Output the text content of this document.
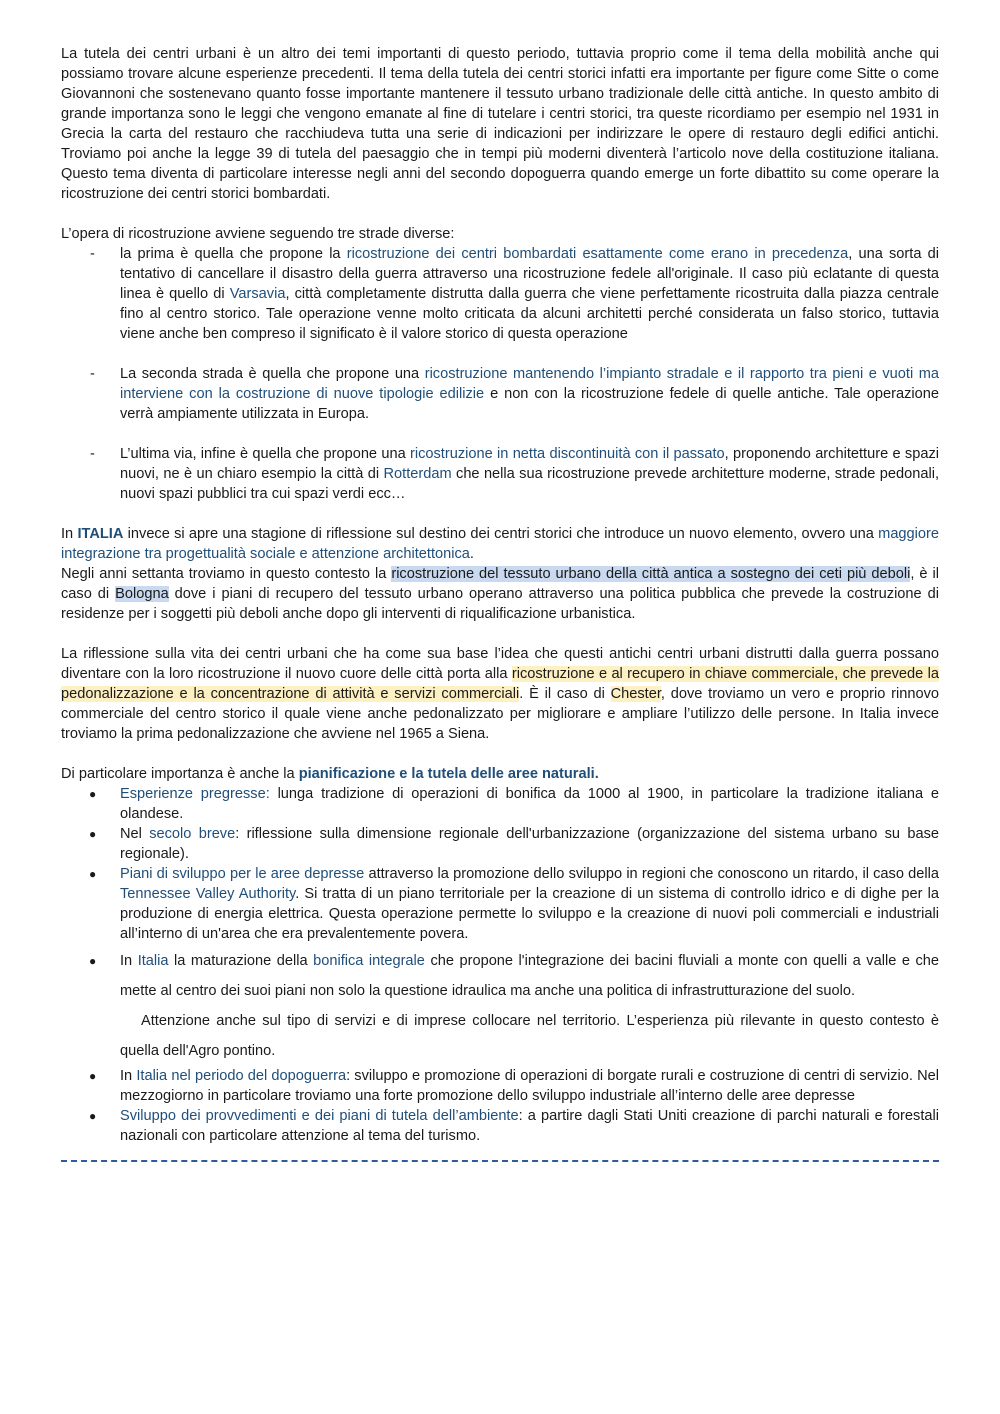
La tutela dei centri urbani è un altro dei temi importanti di questo periodo, tuttavia proprio come il tema della mobilità anche qui possiamo trovare alcune esperienze precedenti. Il tema della tutela dei centri storici infatti era importante per figure come Sitte o come Giovannoni che sostenevano quanto fosse importante mantenere il tessuto urbano tradizionale delle città antiche. In questo ambito di grande importanza sono le leggi che vengono emanate al fine di tutelare i centri storici, tra queste ricordiamo per esempio nel 1931 in Grecia la carta del restauro che racchiudeva tutta una serie di indicazioni per indirizzare le opere di restauro degli edifici antichi. Troviamo poi anche la legge 39 di tutela del paesaggio che in tempi più moderni diventerà l’articolo nove della costituzione italiana. Questo tema diventa di particolare interesse negli anni del secondo dopoguerra quando emerge un forte dibattito su come operare la ricostruzione dei centri storici bombardati.

L’opera di ricostruzione avviene seguendo tre strade diverse:

- la prima è quella che propone la ricostruzione dei centri bombardati esattamente come erano in precedenza, una sorta di tentativo di cancellare il disastro della guerra attraverso una ricostruzione fedele all'originale. Il caso più eclatante di questa linea è quello di Varsavia, città completamente distrutta dalla guerra che viene perfettamente ricostruita dalla piazza centrale fino al centro storico. Tale operazione venne molto criticata da alcuni architetti perché considerata un falso storico, tuttavia viene anche ben compreso il significato è il valore storico di questa operazione
- La seconda strada è quella che propone una ricostruzione mantenendo l’impianto stradale e il rapporto tra pieni e vuoti ma interviene con la costruzione di nuove tipologie edilizie e non con la ricostruzione fedele di quelle antiche. Tale operazione verrà ampiamente utilizzata in Europa.
- L’ultima via, infine è quella che propone una ricostruzione in netta discontinuità con il passato, proponendo architetture e spazi nuovi, ne è un chiaro esempio la città di Rotterdam che nella sua ricostruzione prevede architetture moderne, strade pedonali, nuovi spazi pubblici tra cui spazi verdi ecc…

In ITALIA invece si apre una stagione di riflessione sul destino dei centri storici che introduce un nuovo elemento, ovvero una maggiore integrazione tra progettualità sociale e attenzione architettonica.

Negli anni settanta troviamo in questo contesto la ricostruzione del tessuto urbano della città antica a sostegno dei ceti più deboli, è il caso di Bologna dove i piani di recupero del tessuto urbano operano attraverso una politica pubblica che prevede la costruzione di residenze per i soggetti più deboli anche dopo gli interventi di riqualificazione urbanistica.

La riflessione sulla vita dei centri urbani che ha come sua base l’idea che questi antichi centri urbani distrutti dalla guerra possano diventare con la loro ricostruzione il nuovo cuore delle città porta alla ricostruzione e al recupero in chiave commerciale, che prevede la pedonalizzazione e la concentrazione di attività e servizi commerciali. È il caso di Chester, dove troviamo un vero e proprio rinnovo commerciale del centro storico il quale viene anche pedonalizzato per migliorare e ampliare l’utilizzo delle persone. In Italia invece troviamo la prima pedonalizzazione che avviene nel 1965 a Siena.

Di particolare importanza è anche la pianificazione e la tutela delle aree naturali.

● Esperienze pregresse: lunga tradizione di operazioni di bonifica da 1000 al 1900, in particolare la tradizione italiana e olandese.
● Nel secolo breve: riflessione sulla dimensione regionale dell'urbanizzazione (organizzazione del sistema urbano su base regionale).
● Piani di sviluppo per le aree depresse attraverso la promozione dello sviluppo in regioni che conoscono un ritardo, il caso della Tennessee Valley Authority. Si tratta di un piano territoriale per la creazione di un sistema di controllo idrico e di dighe per la produzione di energia elettrica. Questa operazione permette lo sviluppo e la creazione di nuovi poli commerciali e industriali all’interno di un'area che era prevalentemente povera.
● In Italia la maturazione della bonifica integrale che propone l'integrazione dei bacini fluviali a monte con quelli a valle e che mette al centro dei suoi piani non solo la questione idraulica ma anche una politica di infrastrutturazione del suolo.
Attenzione anche sul tipo di servizi e di imprese collocare nel territorio. L’esperienza più rilevante in questo contesto è quella dell'Agro pontino.
● In Italia nel periodo del dopoguerra: sviluppo e promozione di operazioni di borgate rurali e costruzione di centri di servizio. Nel mezzogiorno in particolare troviamo una forte promozione dello sviluppo industriale all’interno delle aree depresse
● Sviluppo dei provvedimenti e dei piani di tutela dell’ambiente: a partire dagli Stati Uniti creazione di parchi naturali e forestali nazionali con particolare attenzione al tema del turismo.
